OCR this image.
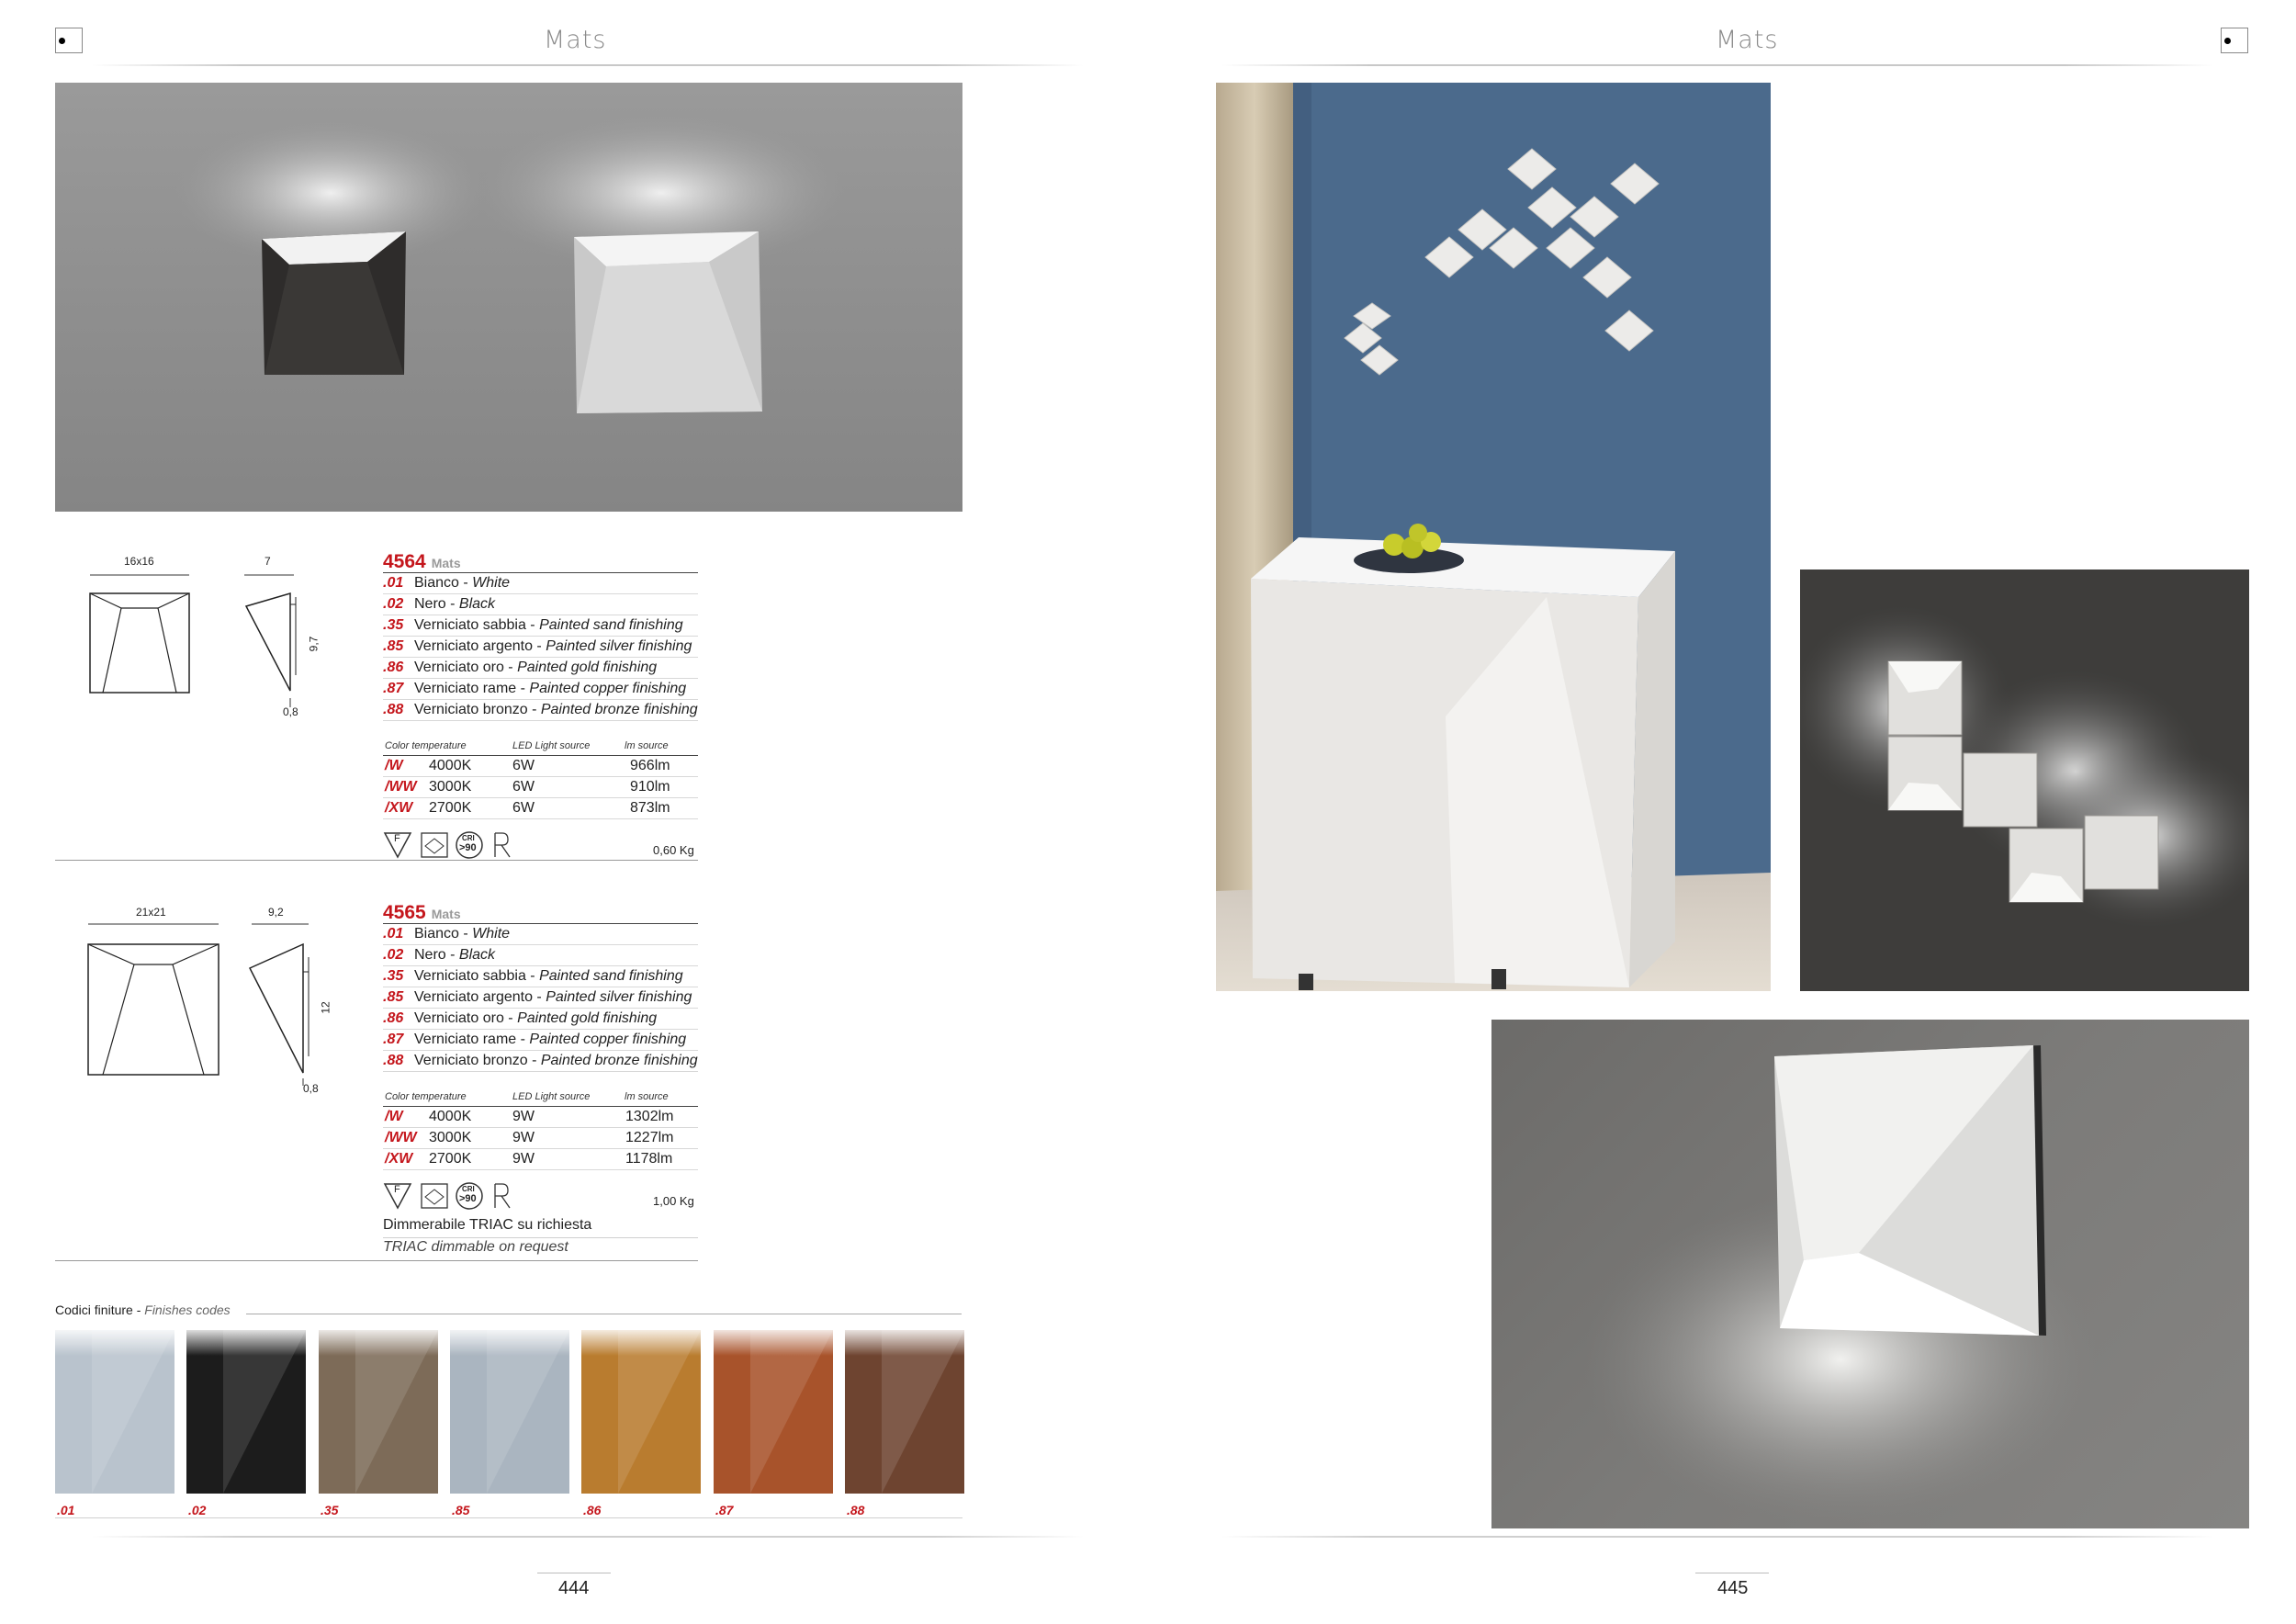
Mats	Mats
16x16	7
9,7
0,8
4564 Mats
.01 Bianco - White
.02 Nero - Black
.35 Verniciato sabbia - Painted sand finishing
.85 Verniciato argento - Painted silver finishing
.86 Verniciato oro - Painted gold finishing
.87 Verniciato rame - Painted copper finishing
.88 Verniciato bronzo - Painted bronze finishing
Color temperature	LED Light source	lm source
/W 4000K	6W	966lm
/WW 3000K	6W	910lm
/XW 2700K	6W	873lm
F	CRI
>90	0,60 Kg
21x21	9,2
12
0,8
4565 Mats
.01 Bianco - White
.02 Nero - Black
.35 Verniciato sabbia - Painted sand finishing
.85 Verniciato argento - Painted silver finishing
.86 Verniciato oro - Painted gold finishing
.87 Verniciato rame - Painted copper finishing
.88 Verniciato bronzo - Painted bronze finishing
Color temperature	LED Light source	lm source
/W 4000K	9W	1302lm
/WW 3000K	9W	1227lm
/XW 2700K	9W	1178lm
F	CRI
>90	1,00 Kg
Dimmerabile TRIAC su richiesta
TRIAC dimmable on request
Codici finiture - Finishes codes
.01	.02	.35	.85	.86	.87	.88
444	445
